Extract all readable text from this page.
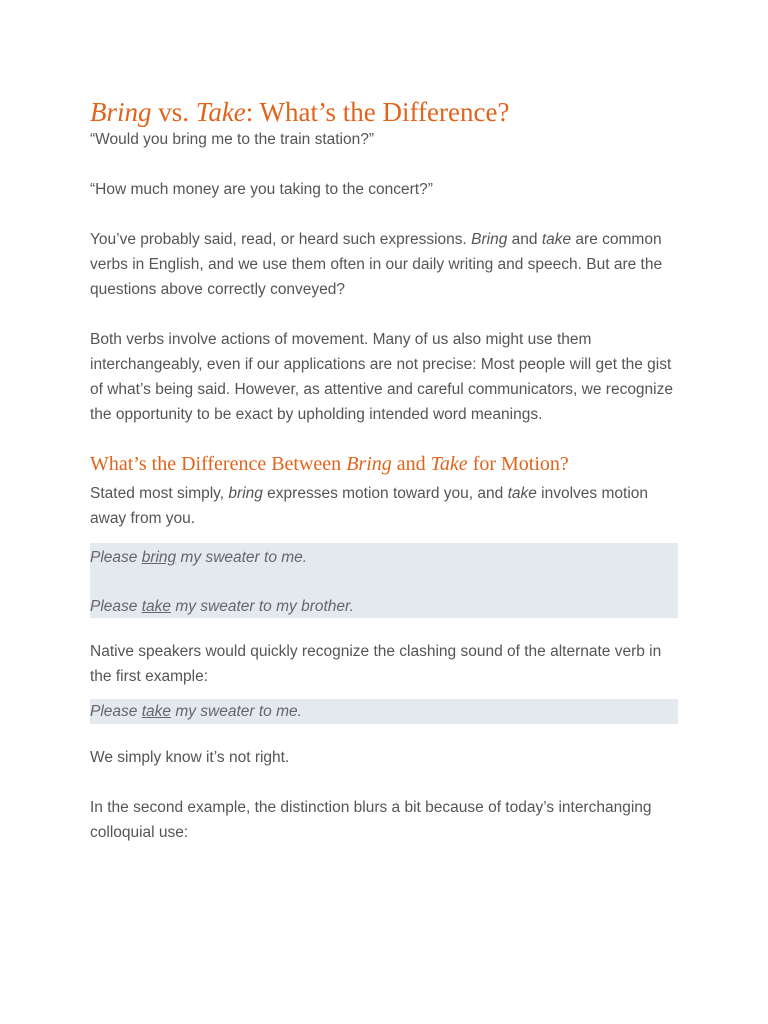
Bring vs. Take: What’s the Difference?

“Would you bring me to the train station?”

“How much money are you taking to the concert?”

You’ve probably said, read, or heard such expressions. Bring and take are common verbs in English, and we use them often in our daily writing and speech. But are the questions above correctly conveyed?

Both verbs involve actions of movement. Many of us also might use them interchangeably, even if our applications are not precise: Most people will get the gist of what’s being said. However, as attentive and careful communicators, we recognize the opportunity to be exact by upholding intended word meanings.

What’s the Difference Between Bring and Take for Motion?

Stated most simply, bring expresses motion toward you, and take involves motion away from you.

Please bring my sweater to me.

Please take my sweater to my brother.

Native speakers would quickly recognize the clashing sound of the alternate verb in the first example:

Please take my sweater to me.

We simply know it’s not right.

In the second example, the distinction blurs a bit because of today’s interchanging colloquial use:
